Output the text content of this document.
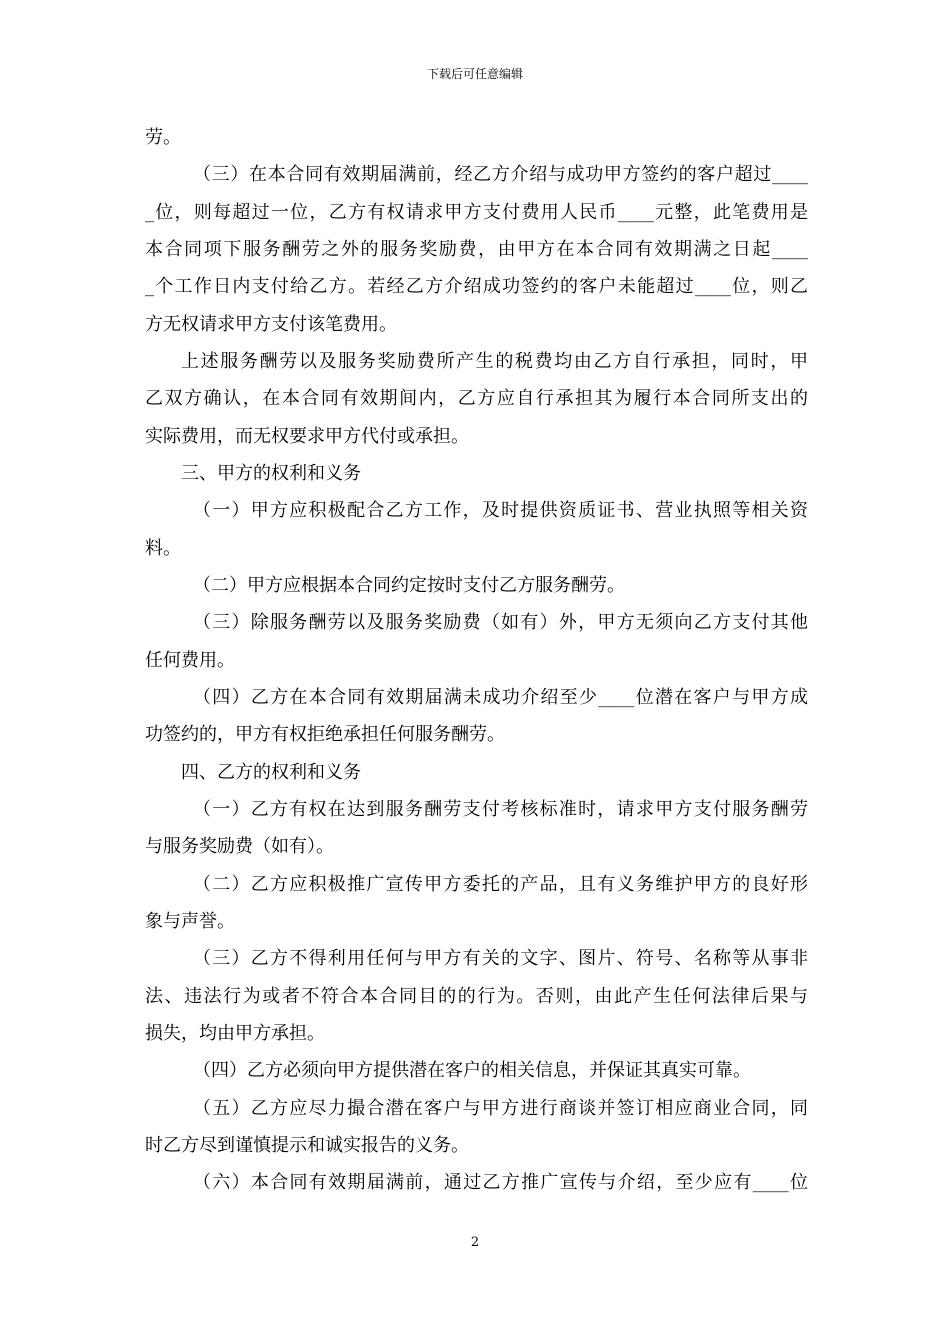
下载后可任意编辑
劳。
（三）在本合同有效期届满前，经乙方介绍与成功甲方签约的客户超过____
_位，则每超过一位，乙方有权请求甲方支付费用人民币____元整，此笔费用是
本合同项下服务酬劳之外的服务奖励费，由甲方在本合同有效期满之日起____
_个工作日内支付给乙方。若经乙方介绍成功签约的客户未能超过____位，则乙
方无权请求甲方支付该笔费用。
上述服务酬劳以及服务奖励费所产生的税费均由乙方自行承担，同时，甲
乙双方确认，在本合同有效期间内，乙方应自行承担其为履行本合同所支出的
实际费用，而无权要求甲方代付或承担。
三、甲方的权利和义务
（一）甲方应积极配合乙方工作，及时提供资质证书、营业执照等相关资
料。
（二）甲方应根据本合同约定按时支付乙方服务酬劳。
（三）除服务酬劳以及服务奖励费（如有）外，甲方无须向乙方支付其他
任何费用。
（四）乙方在本合同有效期届满未成功介绍至少____位潜在客户与甲方成
功签约的，甲方有权拒绝承担任何服务酬劳。
四、乙方的权利和义务
（一）乙方有权在达到服务酬劳支付考核标准时，请求甲方支付服务酬劳
与服务奖励费（如有）。
（二）乙方应积极推广宣传甲方委托的产品，且有义务维护甲方的良好形
象与声誉。
（三）乙方不得利用任何与甲方有关的文字、图片、符号、名称等从事非
法、违法行为或者不符合本合同目的的行为。否则，由此产生任何法律后果与
损失，均由甲方承担。
（四）乙方必须向甲方提供潜在客户的相关信息，并保证其真实可靠。
（五）乙方应尽力撮合潜在客户与甲方进行商谈并签订相应商业合同，同
时乙方尽到谨慎提示和诚实报告的义务。
（六）本合同有效期届满前，通过乙方推广宣传与介绍，至少应有____位
2
